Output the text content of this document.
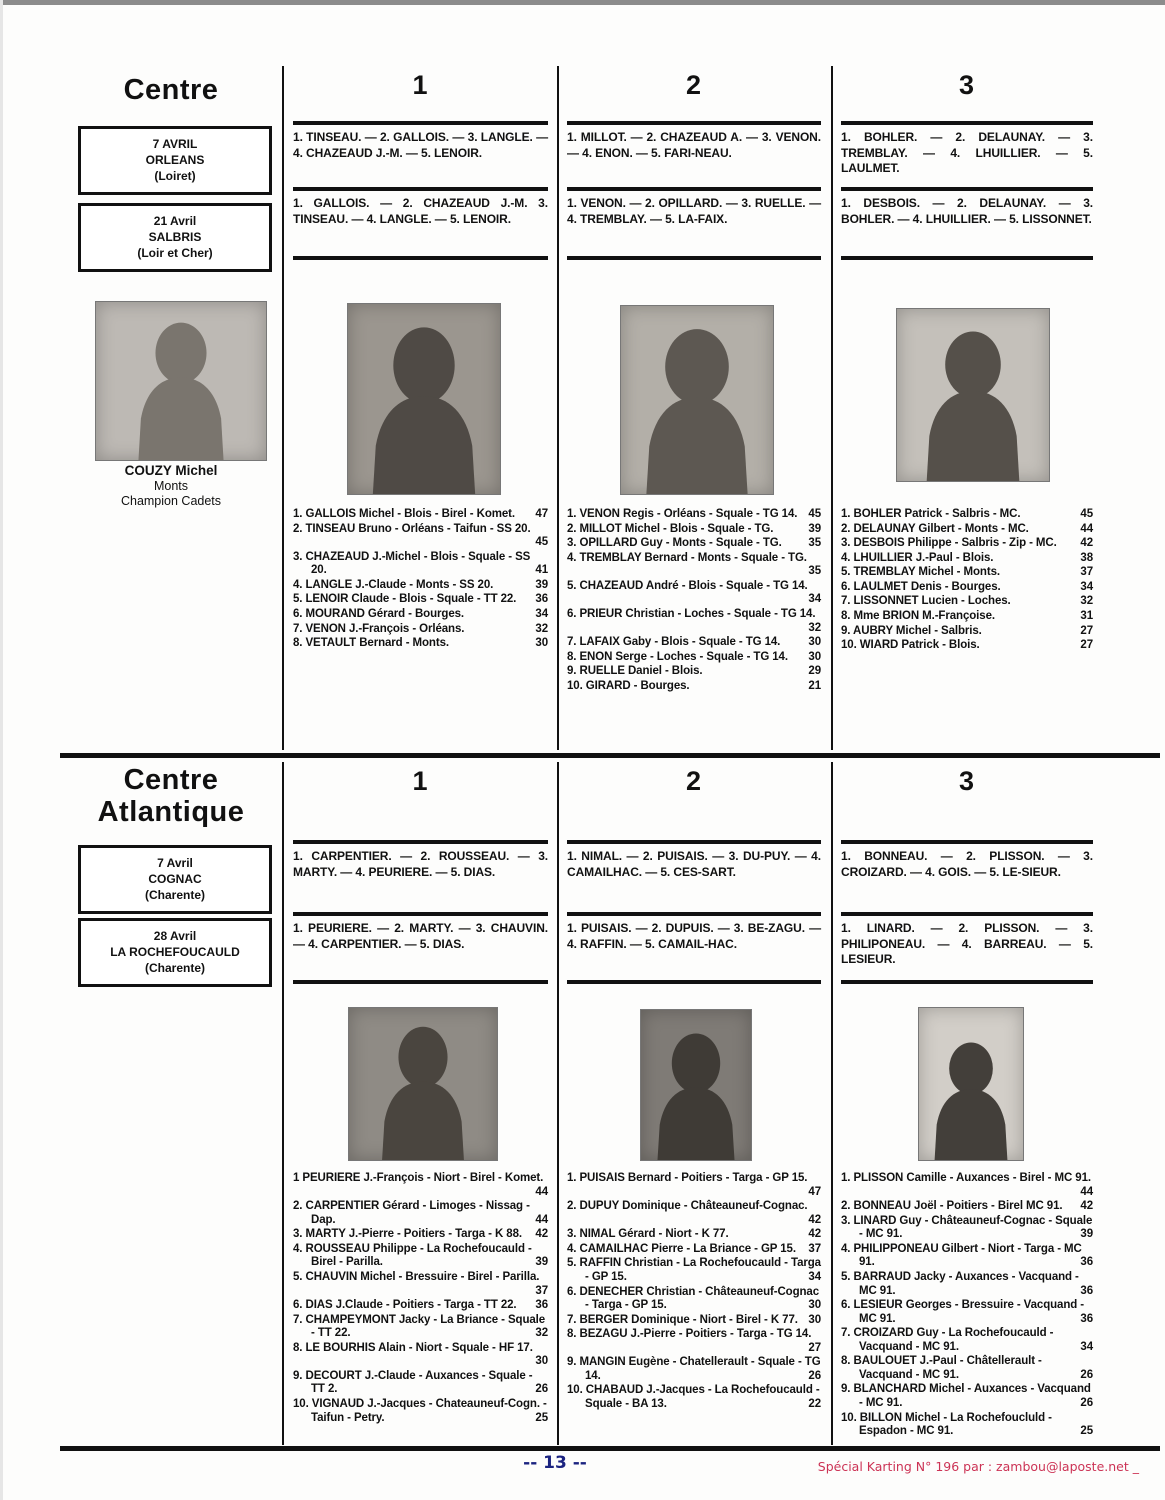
Centre
7 AVRIL
ORLEANS
(Loiret)
21 Avril
SALBRIS
(Loir et Cher)
COUZY Michel
Monts
Champion Cadets
1	2	3
1. TINSEAU. — 2. GALLOIS. — 3. LANGLE. — 4. CHAZEAUD J.-M. — 5. LENOIR.
1. MILLOT. — 2. CHAZEAUD A. — 3. VENON. — 4. ENON. — 5. FARI-NEAU.
1. BOHLER. — 2. DELAUNAY. — 3. TREMBLAY. — 4. LHUILLIER. — 5. LAULMET.
1. GALLOIS. — 2. CHAZEAUD J.-M. 3. TINSEAU. — 4. LANGLE. — 5. LENOIR.
1. VENON. — 2. OPILLARD. — 3. RUELLE. — 4. TREMBLAY. — 5. LA-FAIX.
1. DESBOIS. — 2. DELAUNAY. — 3. BOHLER. — 4. LHUILLIER. — 5. LISSONNET.
1. GALLOIS Michel - Blois - Birel - Komet.	47
2. TINSEAU Bruno - Orléans - Taifun - SS 20.
45
3. CHAZEAUD J.-Michel - Blois - Squale - SS 20.	41
4. LANGLE J.-Claude - Monts - SS 20.	39
5. LENOIR Claude - Blois - Squale - TT 22.	36
6. MOURAND Gérard - Bourges.	34
7. VENON J.-François - Orléans.	32
8. VETAULT Bernard - Monts.	30
1. VENON Regis - Orléans - Squale - TG 14. 45
2. MILLOT Michel - Blois - Squale - TG.	39
3. OPILLARD Guy - Monts - Squale - TG.	35
4. TREMBLAY Bernard - Monts - Squale - TG.
35
5. CHAZEAUD André - Blois - Squale - TG 14.
34
6. PRIEUR Christian - Loches - Squale - TG 14.
32
7. LAFAIX Gaby - Blois - Squale - TG 14.	30
8. ENON Serge - Loches - Squale - TG 14.	30
9. RUELLE Daniel - Blois.	29
10. GIRARD - Bourges.	21
1. BOHLER Patrick - Salbris - MC.	45
2. DELAUNAY Gilbert - Monts - MC.	44
3. DESBOIS Philippe - Salbris - Zip - MC.	42
4. LHUILLIER J.-Paul - Blois.	38
5. TREMBLAY Michel - Monts.	37
6. LAULMET Denis - Bourges.	34
7. LISSONNET Lucien - Loches.	32
8. Mme BRION M.-Françoise.	31
9. AUBRY Michel - Salbris.	27
10. WIARD Patrick - Blois.	27
Centre Atlantique
7 Avril
COGNAC
(Charente)
28 Avril
LA ROCHEFOUCAULD
(Charente)
1	2	3
1. CARPENTIER. — 2. ROUSSEAU. — 3. MARTY. — 4. PEURIERE. — 5. DIAS.
1. NIMAL. — 2. PUISAIS. — 3. DU-PUY. — 4. CAMAILHAC. — 5. CES-SART.
1. BONNEAU. — 2. PLISSON. — 3. CROIZARD. — 4. GOIS. — 5. LE-SIEUR.
1. PEURIERE. — 2. MARTY. — 3. CHAUVIN. — 4. CARPENTIER. — 5. DIAS.
1. PUISAIS. — 2. DUPUIS. — 3. BE-ZAGU. — 4. RAFFIN. — 5. CAMAIL-HAC.
1. LINARD. — 2. PLISSON. — 3. PHILIPONEAU. — 4. BARREAU. — 5. LESIEUR.
1 PEURIERE J.-François - Niort - Birel - Komet.
44
2. CARPENTIER Gérard - Limoges - Nissag - Dap.	44
3. MARTY J.-Pierre - Poitiers - Targa - K 88.	42
4. ROUSSEAU Philippe - La Rochefoucauld - Birel - Parilla.	39
5. CHAUVIN Michel - Bressuire - Birel - Parilla.
37
6. DIAS J.Claude - Poitiers - Targa - TT 22.	36
7. CHAMPEYMONT Jacky - La Briance - Squale - TT 22.	32
8. LE BOURHIS Alain - Niort - Squale - HF 17.
30
9. DECOURT J.-Claude - Auxances - Squale - TT 2.	26
10. VIGNAUD J.-Jacques - Chateauneuf-Cogn. - Taifun - Petry.	25
1. PUISAIS Bernard - Poitiers - Targa - GP 15.
47
2. DUPUY Dominique - Châteauneuf-Cognac.
42
3. NIMAL Gérard - Niort - K 77.	42
4. CAMAILHAC Pierre - La Briance - GP 15.	37
5. RAFFIN Christian - La Rochefoucauld - Targa - GP 15.	34
6. DENECHER Christian - Châteauneuf-Cognac - Targa - GP 15.	30
7. BERGER Dominique - Niort - Birel - K 77. 30
8. BEZAGU J.-Pierre - Poitiers - Targa - TG 14.
27
9. MANGIN Eugène - Chatellerault - Squale - TG 14.	26
10. CHABAUD J.-Jacques - La Rochefoucauld - Squale - BA 13.	22
1. PLISSON Camille - Auxances - Birel - MC 91.
44
2. BONNEAU Joël - Poitiers - Birel MC 91.	42
3. LINARD Guy - Châteauneuf-Cognac - Squale - MC 91.	39
4. PHILIPPONEAU Gilbert - Niort - Targa - MC 91.	36
5. BARRAUD Jacky - Auxances - Vacquand - MC 91.	36
6. LESIEUR Georges - Bressuire - Vacquand - MC 91.	36
7. CROIZARD Guy - La Rochefoucauld - Vacquand - MC 91.	34
8. BAULOUET J.-Paul - Châtellerault - Vacquand - MC 91.	26
9. BLANCHARD Michel - Auxances - Vacquand - MC 91.	26
10. BILLON Michel - La Rochefoucluld - Espadon - MC 91.	25
-- 13 --	Spécial Karting N° 196 par : zambou@laposte.net _
